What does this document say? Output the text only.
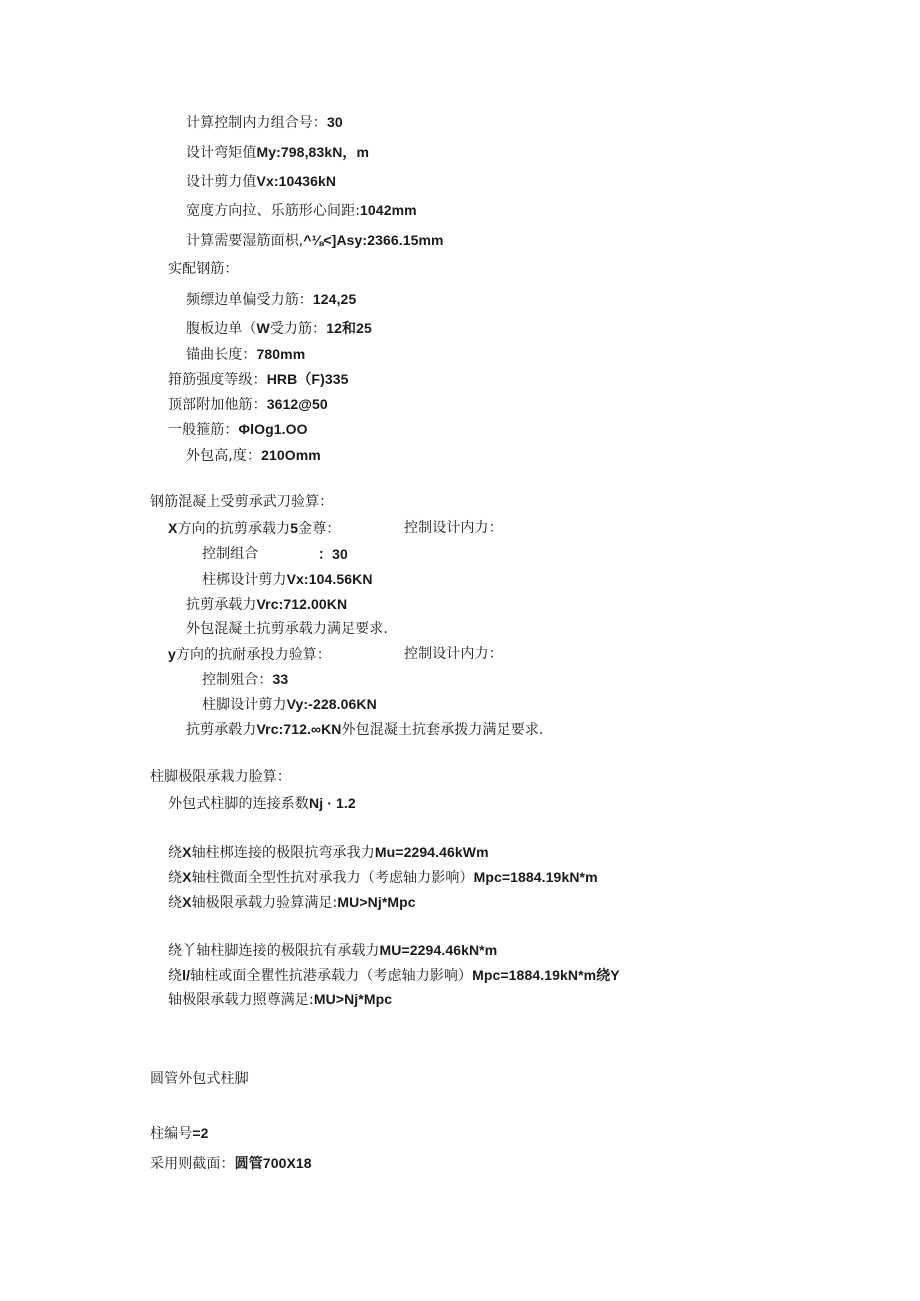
计算控制内力组合号：30
设计弯矩值My:798,83kN，m
设计剪力值Vx:10436kN
宽度方向拉、乐筋形心间距:1042mm
计算需要湿筋面枳,^⅛<]Asy:2366.15mm
实配钢筋：
频缥边单偏受力筋：124,25
腹板边单（W受力筋：12和25
锚曲长度：780mm
箝筋强度等级：HRB（F)335
顶部附加他筋：3612@50
一般箍筋：ΦlOg1.OO
外包高,度：210Omm
钢筋混凝上受剪承武刀验算：
X方向的抗剪承载力5金尊：	控制设计内力：
控制组合	：30
柱梆设计剪力Vx:104.56KN
抗剪承载力Vrc:712.00KN
外包混凝土抗剪承载力满足要求.
y方向的抗耐承投力验算：	控制设计内力：
控制殂合：33
柱脚设计剪力Vy:-228.06KN
抗剪承毂力Vrc:712.∞KN外包混凝土抗套承拨力满足要求.
柱脚极限承栽力脸算：
外包式柱脚的连接系数Nj · 1.2
绕X轴柱梆连接的极限抗弯承我力Mu=2294.46kWm
绕X轴柱微面全型性抗对承我力（考虑轴力影响）Mpc=1884.19kN*m
绕X轴极限承载力验算满足:MU>Nj*Mpc
绕丫轴柱脚连接的极限抗有承载力MU=2294.46kN*m
绕l/轴柱或面全瞿性抗港承载力（考虑轴力影响）Mpc=1884.19kN*m绕Y
轴极限承载力照尊满足:MU>Nj*Mpc
圆管外包式柱脚
柱编号=2
采用则截面：圆管700X18
